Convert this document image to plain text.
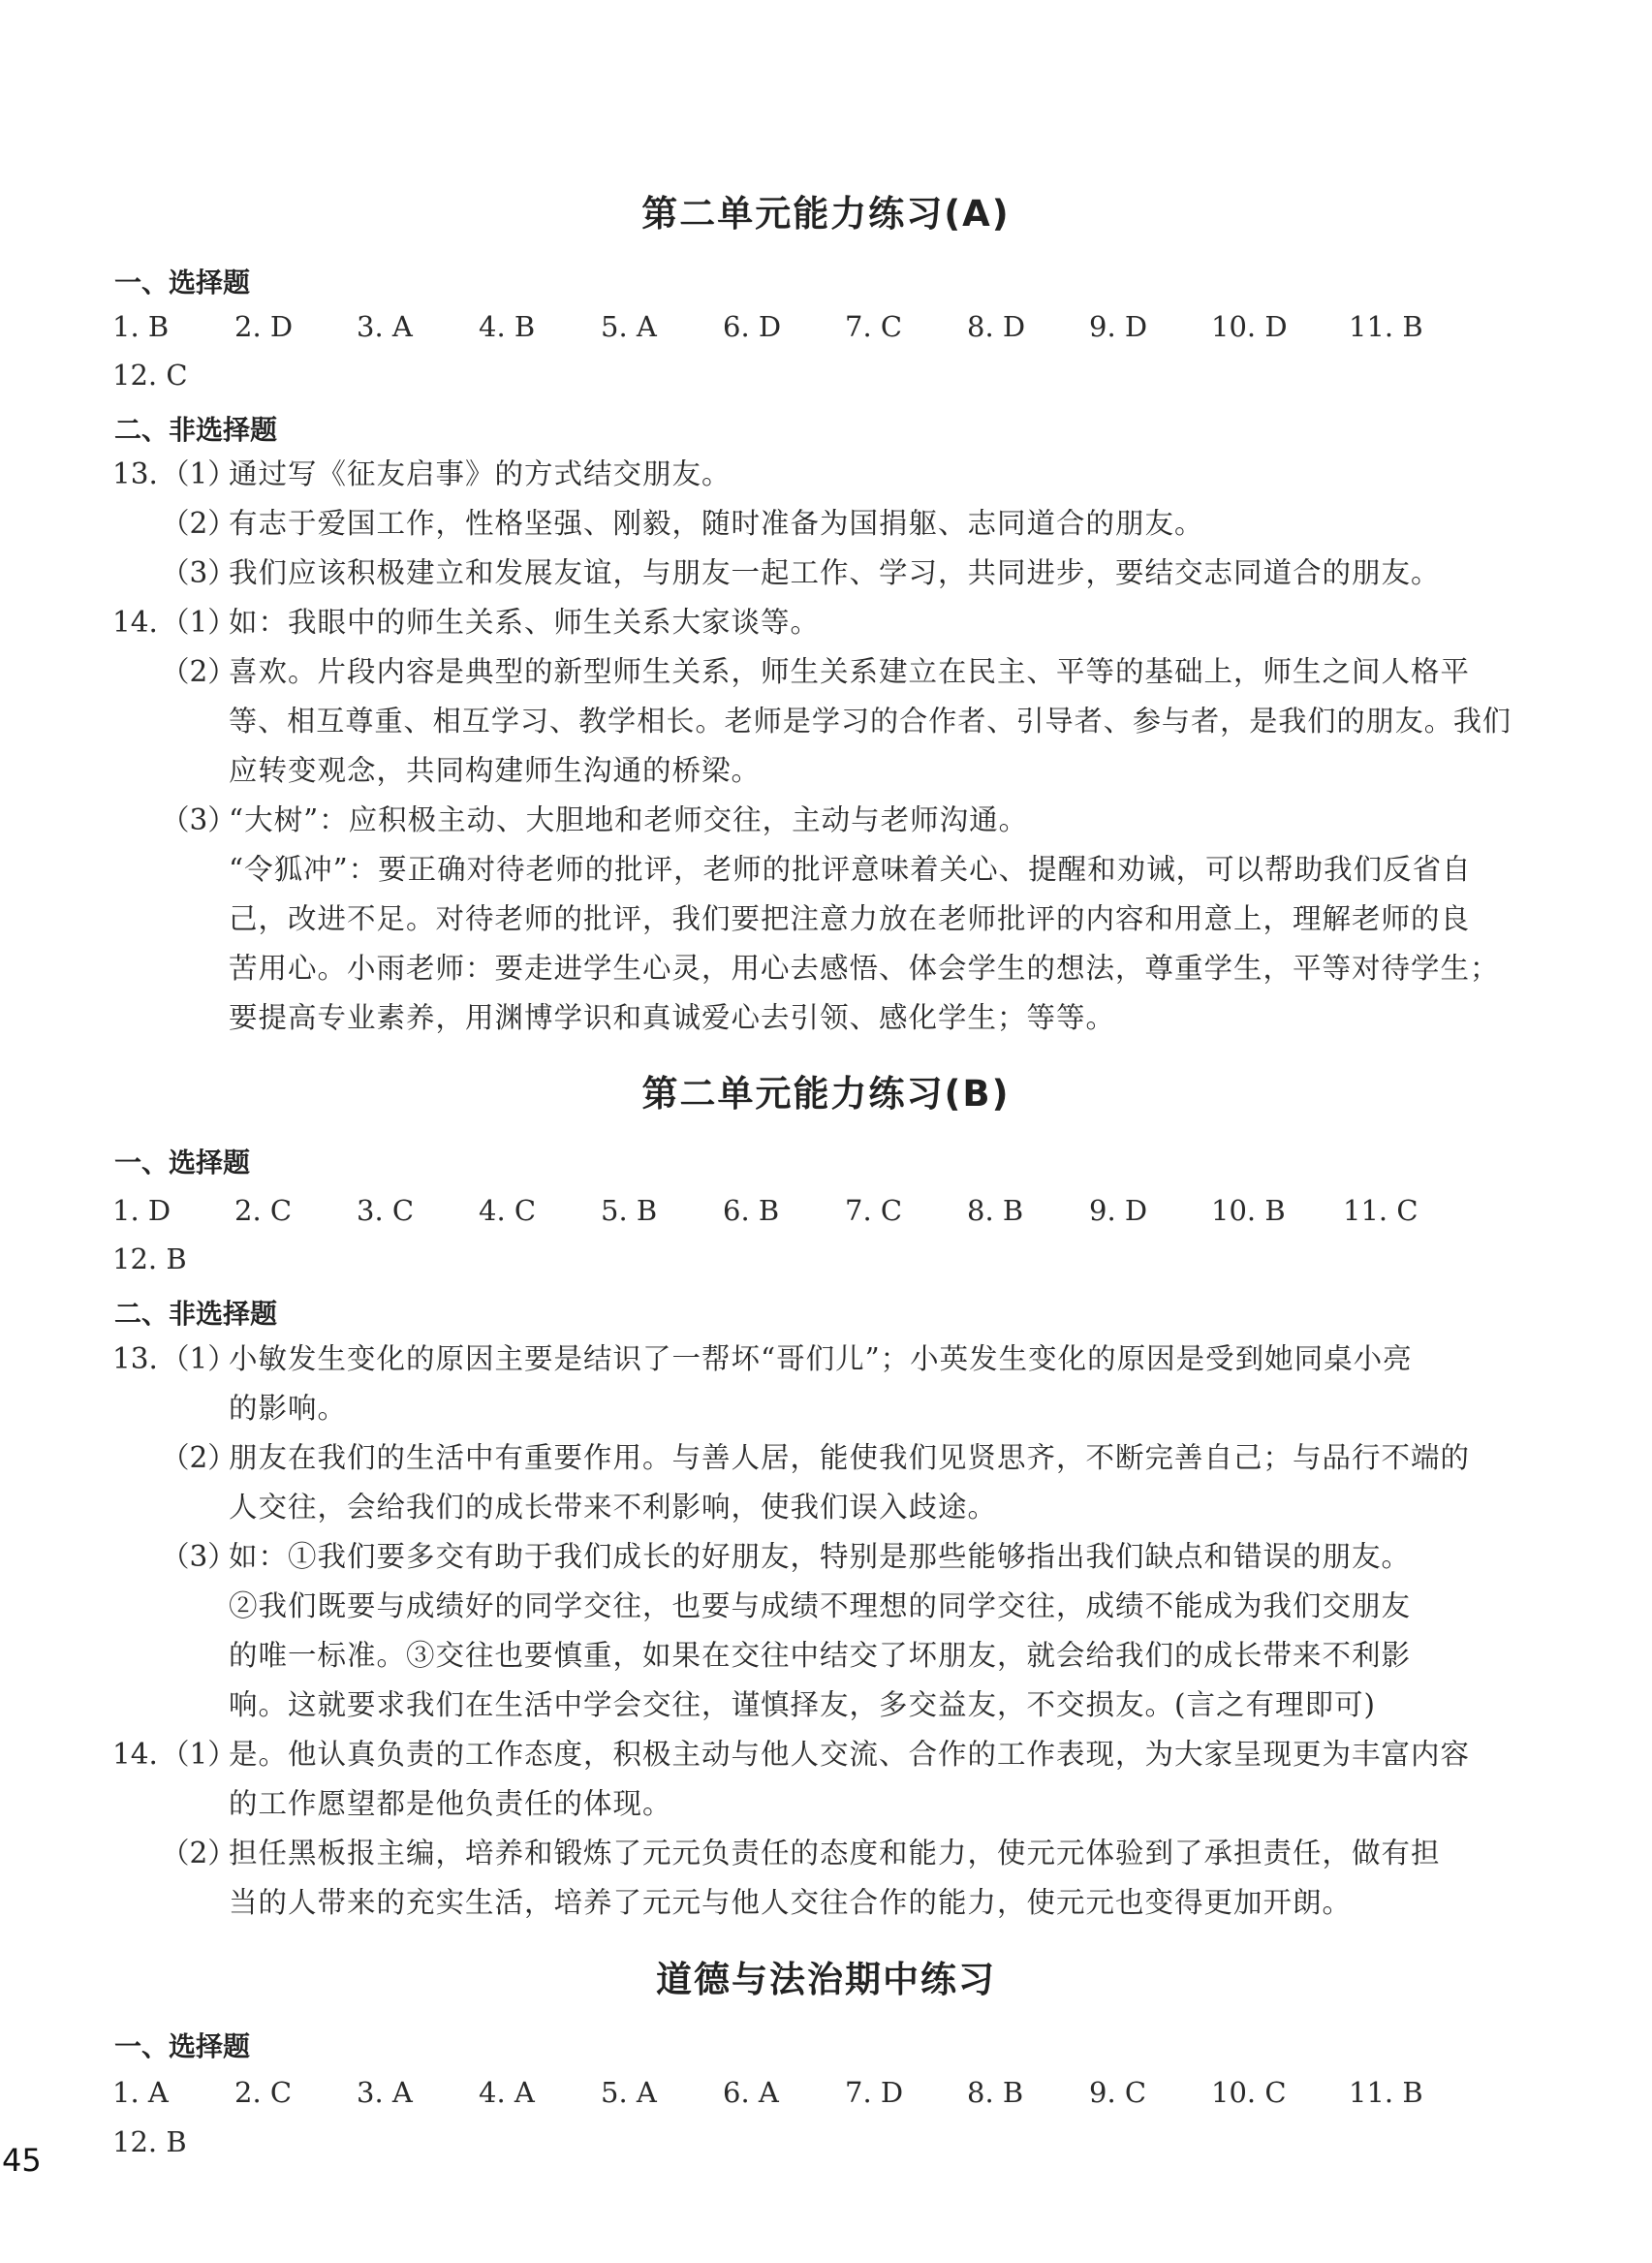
第二单元能力练习(A)
一、选择题
1. B 2. D 3. A 4. B 5. A 6. D 7. C 8. D 9. D 10. D 11. B
12. C
二、非选择题
13. （1）
通过写《征友启事》的方式结交朋友。
（2）
有志于爱国工作，性格坚强、刚毅，随时准备为国捐躯、志同道合的朋友。
（3）
我们应该积极建立和发展友谊，与朋友一起工作、学习，共同进步，要结交志同道合的朋友。
14. （1）
如：我眼中的师生关系、师生关系大家谈等。
（2）
喜欢。片段内容是典型的新型师生关系，师生关系建立在民主、平等的基础上，师生之间人格平
等、相互尊重、相互学习、教学相长。老师是学习的合作者、引导者、参与者，是我们的朋友。我们
应转变观念，共同构建师生沟通的桥梁。
（3）
“大树”：应积极主动、大胆地和老师交往，主动与老师沟通。
“令狐冲”：要正确对待老师的批评，老师的批评意味着关心、提醒和劝诫，可以帮助我们反省自
己，改进不足。对待老师的批评，我们要把注意力放在老师批评的内容和用意上，理解老师的良
苦用心。小雨老师：要走进学生心灵，用心去感悟、体会学生的想法，尊重学生，平等对待学生；
要提高专业素养，用渊博学识和真诚爱心去引领、感化学生；等等。
第二单元能力练习(B)
一、选择题
1. D 2. C 3. C 4. C 5. B 6. B 7. C 8. B 9. D 10. B 11. C
12. B
二、非选择题
13. （1）
小敏发生变化的原因主要是结识了一帮坏“哥们儿”；小英发生变化的原因是受到她同桌小亮
的影响。
（2）
朋友在我们的生活中有重要作用。与善人居，能使我们见贤思齐，不断完善自己；与品行不端的
人交往，会给我们的成长带来不利影响，使我们误入歧途。
（3）
如：①我们要多交有助于我们成长的好朋友，特别是那些能够指出我们缺点和错误的朋友。
②我们既要与成绩好的同学交往，也要与成绩不理想的同学交往，成绩不能成为我们交朋友
的唯一标准。③交往也要慎重，如果在交往中结交了坏朋友，就会给我们的成长带来不利影
响。这就要求我们在生活中学会交往，谨慎择友，多交益友，不交损友。(言之有理即可)
14. （1）
是。他认真负责的工作态度，积极主动与他人交流、合作的工作表现，为大家呈现更为丰富内容
的工作愿望都是他负责任的体现。
（2）
担任黑板报主编，培养和锻炼了元元负责任的态度和能力，使元元体验到了承担责任，做有担
当的人带来的充实生活，培养了元元与他人交往合作的能力，使元元也变得更加开朗。
道德与法治期中练习
一、选择题
1. A 2. C 3. A 4. A 5. A 6. A 7. D 8. B 9. C 10. C 11. B
12. B
45
